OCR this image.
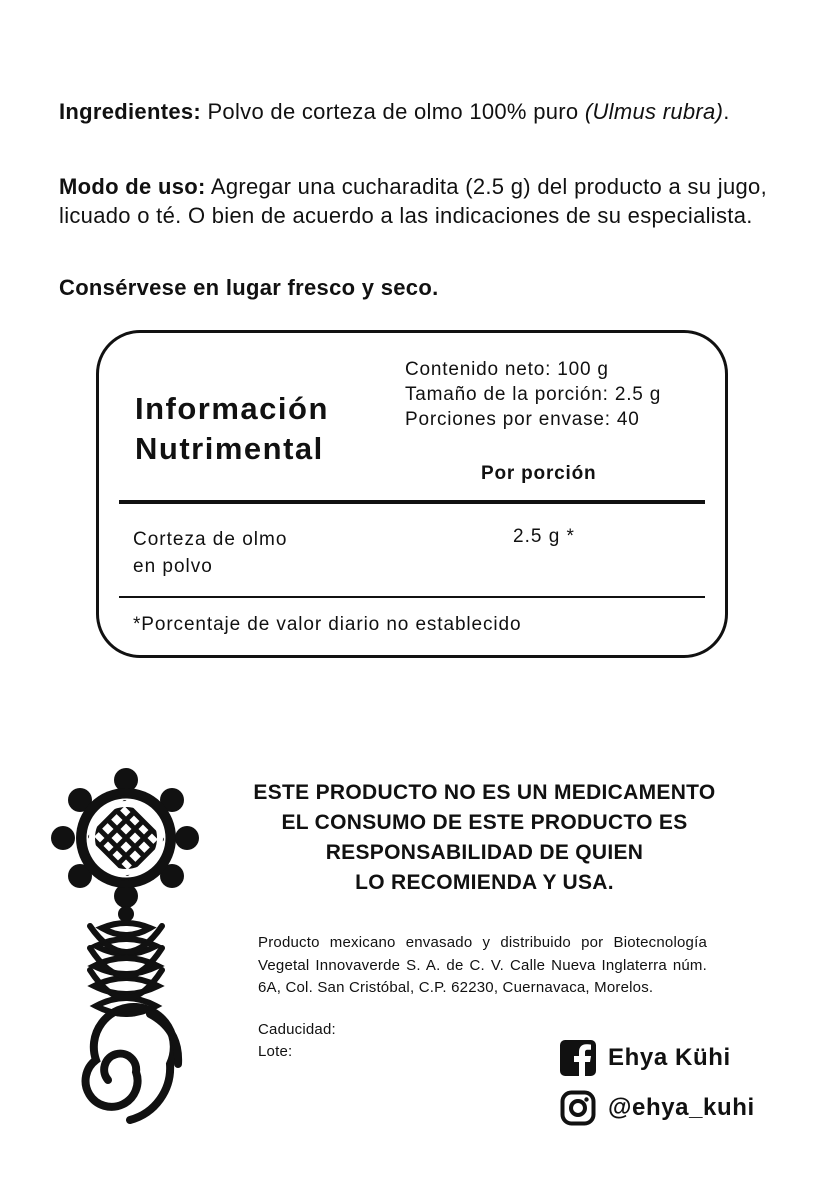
Ingredientes: Polvo de corteza de olmo 100% puro (Ulmus rubra).
Modo de uso: Agregar una cucharadita (2.5 g) del producto a su jugo, licuado o té. O bien de acuerdo a las indicaciones de su especialista.
Consérvese en lugar fresco y seco.
Información
Nutrimental
Contenido neto: 100 g
Tamaño de la porción: 2.5 g
Porciones por envase: 40
Por porción
Corteza de olmo
en polvo
2.5 g *
*Porcentaje de valor diario no establecido
ESTE PRODUCTO NO ES UN MEDICAMENTO
EL CONSUMO DE ESTE PRODUCTO ES
RESPONSABILIDAD DE QUIEN
LO RECOMIENDA Y USA.
Producto mexicano envasado y distribuido por Biotecnología Vegetal Innovaverde S. A. de C. V. Calle Nueva Inglaterra núm. 6A, Col. San Cristóbal, C.P. 62230, Cuernavaca, Morelos.
Caducidad:
Lote:	Ehya Kühi
@ehya_kuhi
